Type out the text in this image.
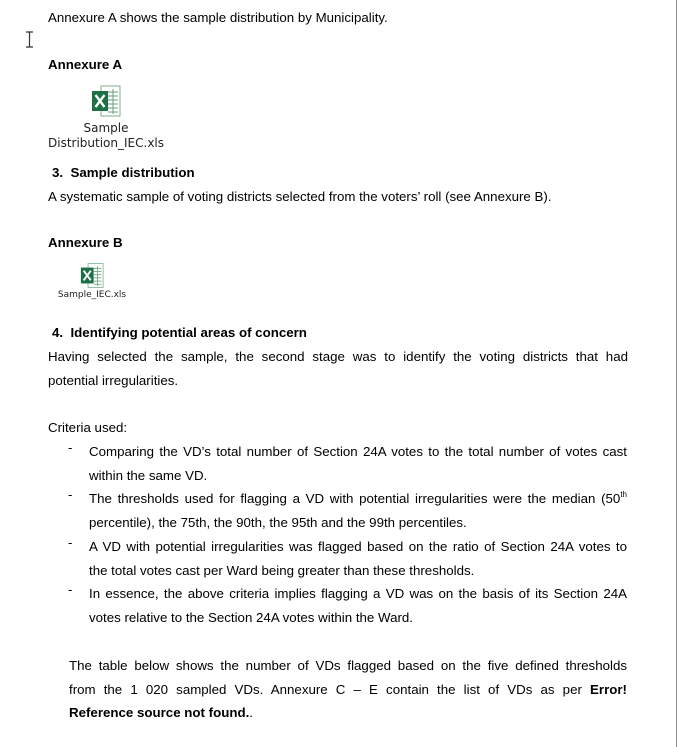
Annexure A shows the sample distribution by Municipality.
Annexure A
Sample
Distribution_IEC.xls
3. Sample distribution
A systematic sample of voting districts selected from the voters’ roll (see Annexure B).
Annexure B
Sample_IEC.xls
4. Identifying potential areas of concern
Having selected the sample, the second stage was to identify the voting districts that had
potential irregularities.
Criteria used:
- Comparing the VD’s total number of Section 24A votes to the total number of votes cast
within the same VD.
- The thresholds used for flagging a VD with potential irregularities were the median (50th
percentile), the 75th, the 90th, the 95th and the 99th percentiles.
- A VD with potential irregularities was flagged based on the ratio of Section 24A votes to
the total votes cast per Ward being greater than these thresholds.
- In essence, the above criteria implies flagging a VD was on the basis of its Section 24A
votes relative to the Section 24A votes within the Ward.
The table below shows the number of VDs flagged based on the five defined thresholds
from the 1 020 sampled VDs. Annexure C – E contain the list of VDs as per Error!
Reference source not found..
